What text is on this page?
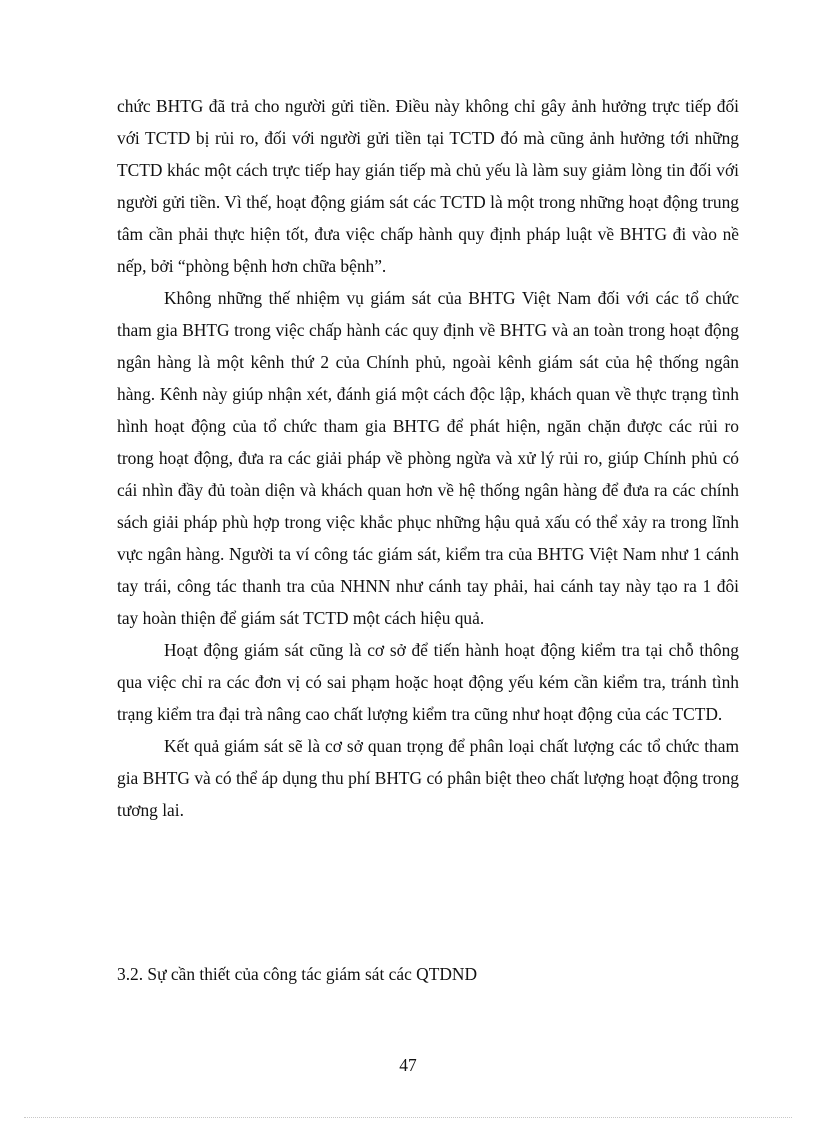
chức BHTG đã trả cho người gửi tiền. Điều này không chỉ gây ảnh hưởng trực tiếp đối với TCTD bị rủi ro, đối với người gửi tiền tại TCTD đó mà cũng ảnh hưởng tới những TCTD khác một cách trực tiếp hay gián tiếp mà chủ yếu là làm suy giảm lòng tin đối với người gửi tiền. Vì thế, hoạt động giám sát các TCTD là một trong những hoạt động trung tâm cần phải thực hiện tốt, đưa việc chấp hành quy định pháp luật về BHTG đi vào nề nếp, bởi “phòng bệnh hơn chữa bệnh”.

Không những thế nhiệm vụ giám sát của BHTG Việt Nam đối với các tổ chức tham gia BHTG trong việc chấp hành các quy định về BHTG và an toàn trong hoạt động ngân hàng là một kênh thứ 2 của Chính phủ, ngoài kênh giám sát của hệ thống ngân hàng. Kênh này giúp nhận xét, đánh giá một cách độc lập, khách quan về thực trạng tình hình hoạt động của tổ chức tham gia BHTG để phát hiện, ngăn chặn được các rủi ro trong hoạt động, đưa ra các giải pháp về phòng ngừa và xử lý rủi ro, giúp Chính phủ có cái nhìn đầy đủ toàn diện và khách quan hơn về hệ thống ngân hàng để đưa ra các chính sách giải pháp phù hợp trong việc khắc phục những hậu quả xấu có thể xảy ra trong lĩnh vực ngân hàng. Người ta ví công tác giám sát, kiểm tra của BHTG Việt Nam như 1 cánh tay trái, công tác thanh tra của NHNN như cánh tay phải, hai cánh tay này tạo ra 1 đôi tay hoàn thiện để giám sát TCTD một cách hiệu quả.

Hoạt động giám sát cũng là cơ sở để tiến hành hoạt động kiểm tra tại chỗ thông qua việc chỉ ra các đơn vị có sai phạm hoặc hoạt động yếu kém cần kiểm tra, tránh tình trạng kiểm tra đại trà nâng cao chất lượng kiểm tra cũng như hoạt động của các TCTD.

Kết quả giám sát sẽ là cơ sở quan trọng để phân loại chất lượng các tổ chức tham gia BHTG và có thể áp dụng thu phí BHTG có phân biệt theo chất lượng hoạt động trong tương lai.

3.2. Sự cần thiết của công tác giám sát các QTDND
47
